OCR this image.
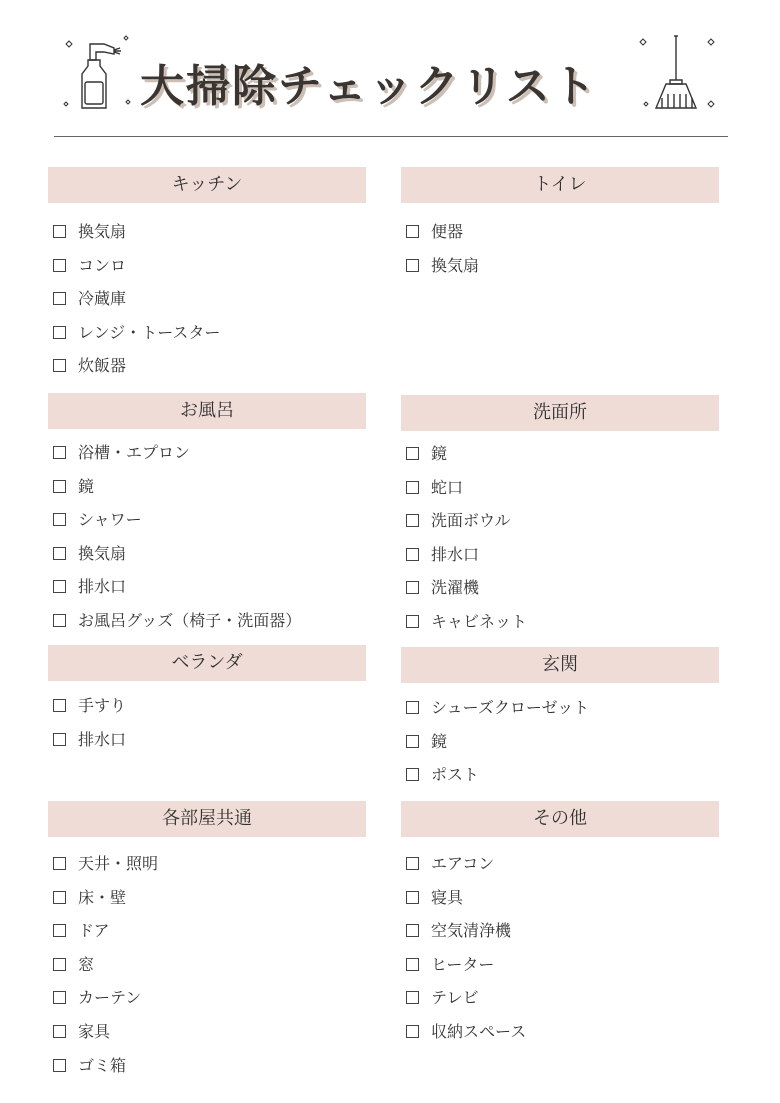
大掃除チェックリスト
キッチン
換気扇
コンロ
冷蔵庫
レンジ・トースター
炊飯器
トイレ
便器
換気扇
お風呂
浴槽・エプロン
鏡
シャワー
換気扇
排水口
お風呂グッズ（椅子・洗面器）
洗面所
鏡
蛇口
洗面ボウル
排水口
洗濯機
キャビネット
ベランダ
手すり
排水口
玄関
シューズクローゼット
鏡
ポスト
各部屋共通
天井・照明
床・壁
ドア
窓
カーテン
家具
ゴミ箱
その他
エアコン
寝具
空気清浄機
ヒーター
テレビ
収納スペース
